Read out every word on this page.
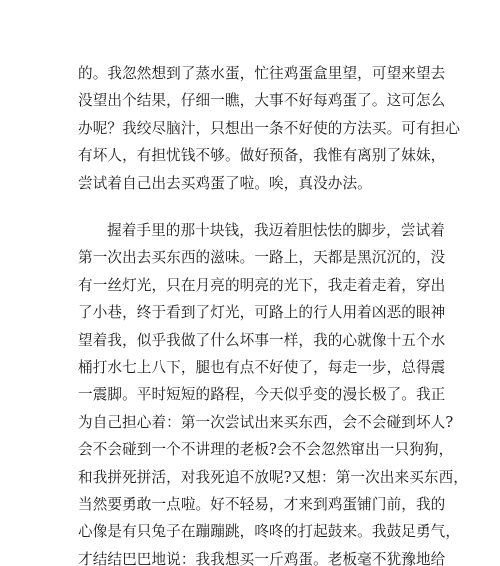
的。我忽然想到了蒸水蛋，忙往鸡蛋盒里望，可望来望去
没望出个结果，仔细一瞧，大事不好每鸡蛋了。这可怎么
办呢？我绞尽脑汁，只想出一条不好使的方法买。可有担心
有坏人，有担忧钱不够。做好预备，我惟有离别了妹妹，
尝试着自己出去买鸡蛋了啦。唉，真没办法。
握着手里的那十块钱，我迈着胆怯怯的脚步，尝试着
第一次出去买东西的滋味。一路上，天都是黑沉沉的，没
有一丝灯光，只在月亮的明亮的光下，我走着走着，穿出
了小巷，终于看到了灯光，可路上的行人用着凶恶的眼神
望着我，似乎我做了什么坏事一样，我的心就像十五个水
桶打水七上八下，腿也有点不好使了，每走一步，总得震
一震脚。平时短短的路程，今天似乎变的漫长极了。我正
为自己担心着：第一次尝试出来买东西，会不会碰到坏人?
会不会碰到一个不讲理的老板?会不会忽然窜出一只狗狗，
和我拼死拼活，对我死追不放呢?又想：第一次出来买东西，
当然要勇敢一点啦。好不轻易，才来到鸡蛋铺门前，我的
心像是有只兔子在蹦蹦跳，咚咚的打起鼓来。我鼓足勇气，
才结结巴巴地说：我我想买一斤鸡蛋。老板毫不犹豫地给
